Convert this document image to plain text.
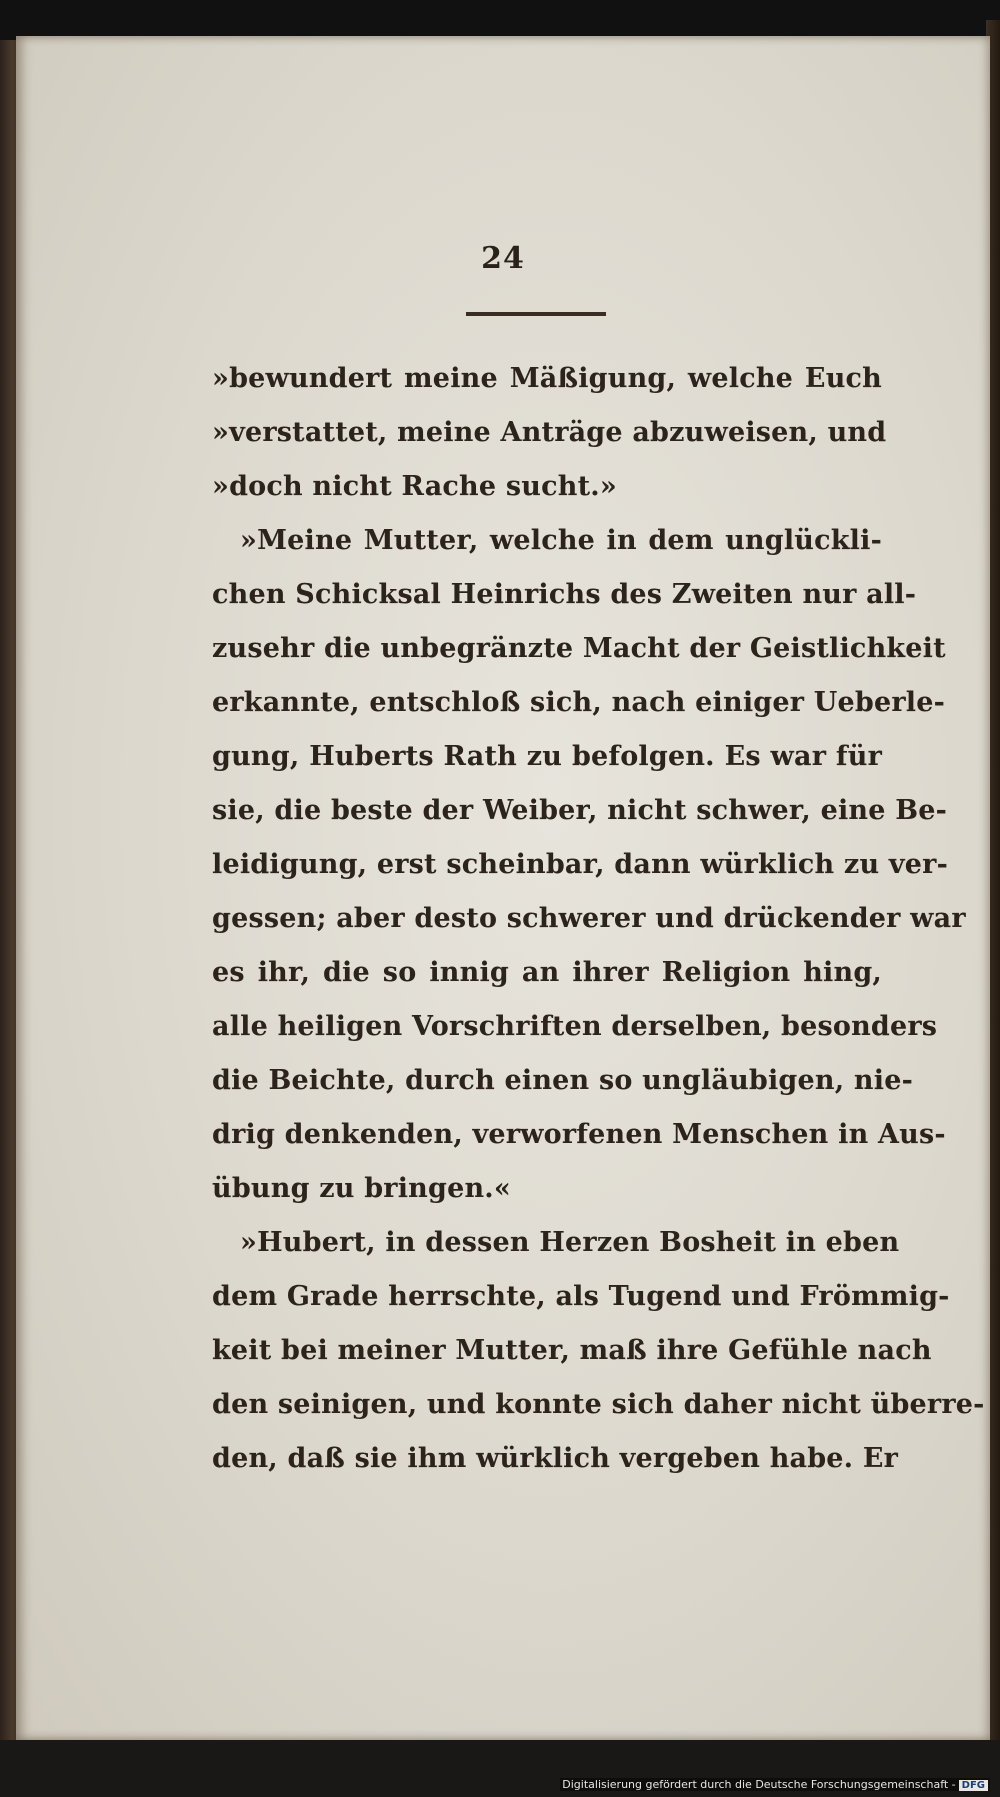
24
»bewundert meine Mäßigung, welche Euch
»verstattet, meine Anträge abzuweisen, und
»doch nicht Rache sucht.»
»Meine Mutter, welche in dem unglückli-
chen Schicksal Heinrichs des Zweiten nur all-
zusehr die unbegränzte Macht der Geistlichkeit
erkannte, entschloß sich, nach einiger Ueberle-
gung, Huberts Rath zu befolgen. Es war für
sie, die beste der Weiber, nicht schwer, eine Be-
leidigung, erst scheinbar, dann würklich zu ver-
gessen; aber desto schwerer und drückender war
es ihr, die so innig an ihrer Religion hing,
alle heiligen Vorschriften derselben, besonders
die Beichte, durch einen so ungläubigen, nie-
drig denkenden, verworfenen Menschen in Aus-
übung zu bringen.«
»Hubert, in dessen Herzen Bosheit in eben
dem Grade herrschte, als Tugend und Frömmig-
keit bei meiner Mutter, maß ihre Gefühle nach
den seinigen, und konnte sich daher nicht überre-
den, daß sie ihm würklich vergeben habe. Er
Digitalisierung gefördert durch die Deutsche Forschungsgemeinschaft - DFG
